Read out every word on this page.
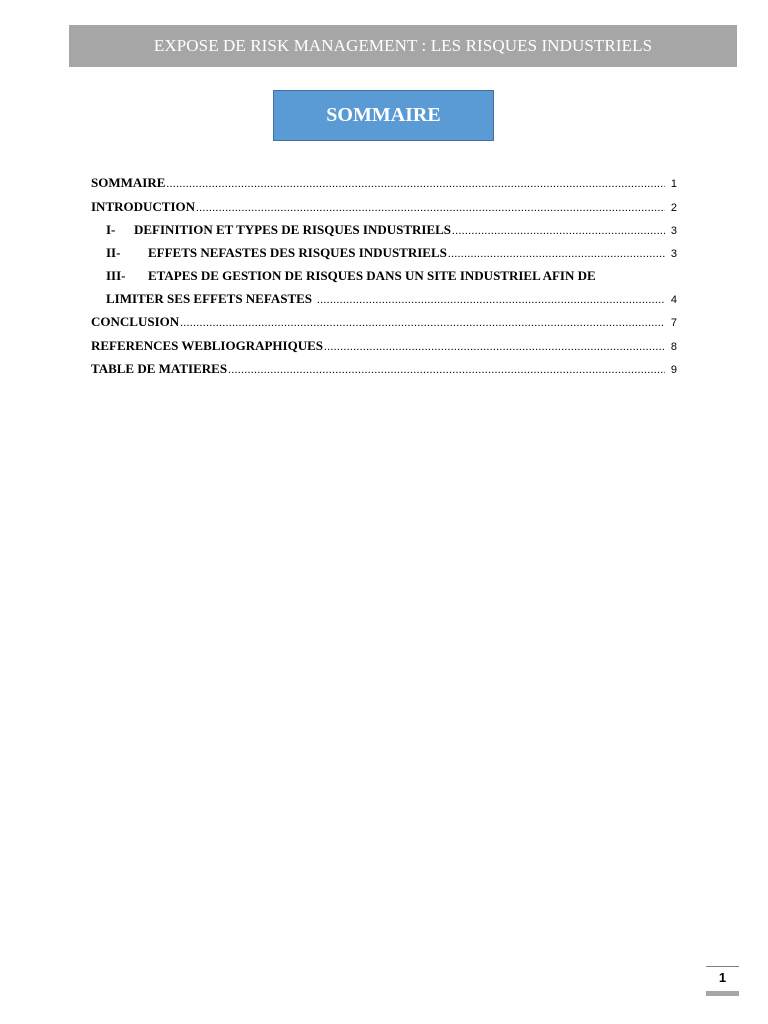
EXPOSE DE RISK MANAGEMENT : LES RISQUES INDUSTRIELS
SOMMAIRE
SOMMAIRE .....	1
INTRODUCTION .....	2
I-	DEFINITION ET TYPES DE RISQUES INDUSTRIELS .....	3
II-	EFFETS NEFASTES DES RISQUES INDUSTRIELS .....	3
III-	ETAPES DE GESTION DE RISQUES DANS UN SITE INDUSTRIEL AFIN DE
LIMITER SES EFFETS NEFASTES .....	4
CONCLUSION .....	7
REFERENCES WEBLIOGRAPHIQUES .....	8
TABLE DE MATIERES .....	9
1
